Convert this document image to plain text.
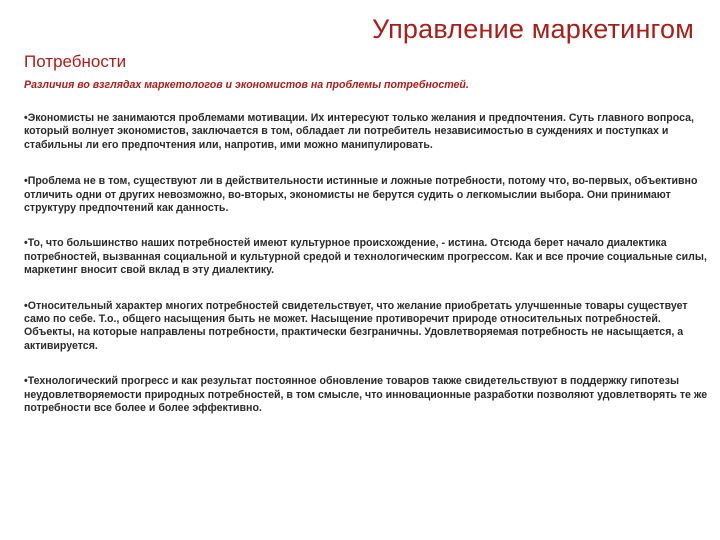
Управление маркетингом
Потребности
Различия во взглядах маркетологов и экономистов на проблемы потребностей.

•Экономисты не занимаются проблемами мотивации. Их интересуют только желания и предпочтения. Суть главного вопроса, который волнует экономистов, заключается в том, обладает ли потребитель независимостью в суждениях и поступках и стабильны ли его предпочтения или, напротив, ими можно манипулировать.

•Проблема не в том, существуют ли в действительности истинные и ложные потребности, потому что, во-первых, объективно отличить одни от других невозможно, во-вторых, экономисты не берутся судить о легкомыслии выбора. Они принимают структуру предпочтений как данность.

•То, что большинство наших потребностей имеют культурное происхождение, - истина. Отсюда берет начало диалектика потребностей, вызванная социальной и культурной средой и технологическим прогрессом. Как и все прочие социальные силы, маркетинг вносит свой вклад в эту диалектику.

•Относительный характер многих потребностей свидетельствует, что желание приобретать улучшенные товары существует само по себе. Т.о., общего насыщения быть не может. Насыщение противоречит природе относительных потребностей. Объекты, на которые направлены потребности, практически безграничны. Удовлетворяемая потребность не насыщается, а активируется.

•Технологический прогресс и как результат постоянное обновление товаров также свидетельствуют в поддержку гипотезы неудовлетворяемости природных потребностей, в том смысле, что инновационные разработки позволяют удовлетворять те же потребности все более и более эффективно.
